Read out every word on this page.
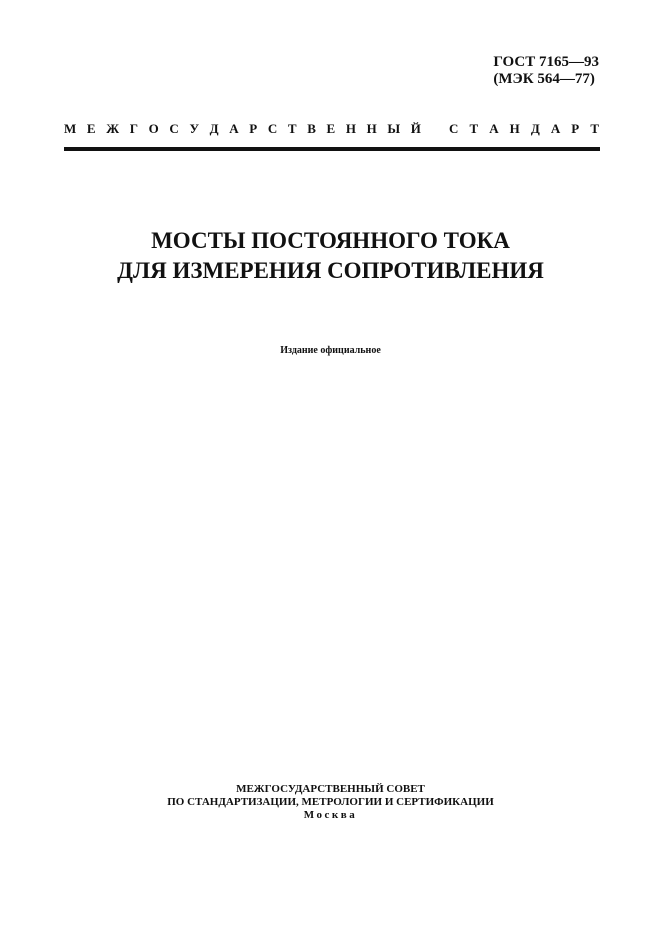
ГОСТ 7165—93
(МЭК 564—77)
М Е Ж Г О С У Д А Р С Т В Е Н Н Ы Й С Т А Н Д А Р Т
МОСТЫ ПОСТОЯННОГО ТОКА
ДЛЯ ИЗМЕРЕНИЯ СОПРОТИВЛЕНИЯ
Издание официальное
МЕЖГОСУДАРСТВЕННЫЙ СОВЕТ
ПО СТАНДАРТИЗАЦИИ, МЕТРОЛОГИИ И СЕРТИФИКАЦИИ
Москва
